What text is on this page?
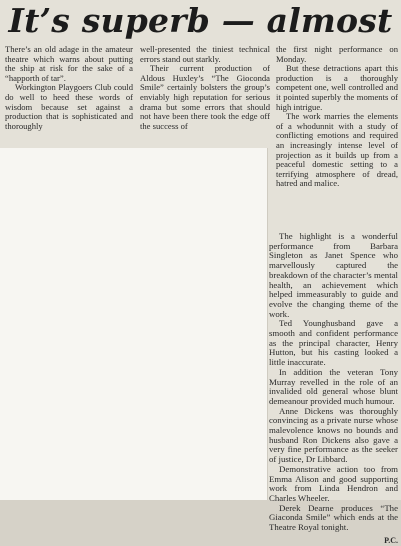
It’s superb — almost

There’s an old adage in the amateur theatre which warns about putting the ship at risk for the sake of a “happorth of tar”.

Workington Playgoers Club could do well to heed these words of wisdom because set against a production that is sophisticated and thoroughly

well-presented the tiniest technical errors stand out starkly.

Their current production of Aldous Huxley’s “The Gioconda Smile” certainly bolsters the group’s enviably high reputation for serious drama but some errors that should not have been there took the edge off the success of

the first night performance on Monday.

But these detractions apart this production is a thoroughly competent one, well controlled and it pointed superbly the moments of high intrigue.

The work marries the elements of a whodunnit with a study of conflicting emotions and required an increasingly intense level of projection as it builds up from a peaceful domestic setting to a terrifying atmosphere of dread, hatred and malice.

The highlight is a wonderful performance from Barbara Singleton as Janet Spence who marvellously captured the breakdown of the character’s mental health, an achievement which helped immeasurably to guide and evolve the changing theme of the work.

Ted Younghusband gave a smooth and confident performance as the principal character, Henry Hutton, but his casting looked a little inaccurate.

In addition the veteran Tony Murray revelled in the role of an invalided old general whose blunt demeanour provided much humour.

Anne Dickens was thoroughly convincing as a private nurse whose malevolence knows no bounds and husband Ron Dickens also gave a very fine performance as the seeker of justice, Dr Libbard.

Demonstrative action too from Emma Alison and good supporting work from Linda Hendron and Charles Wheeler.

Derek Dearne produces “The Giaconda Smile” which ends at the Theatre Royal tonight.

P.C.
